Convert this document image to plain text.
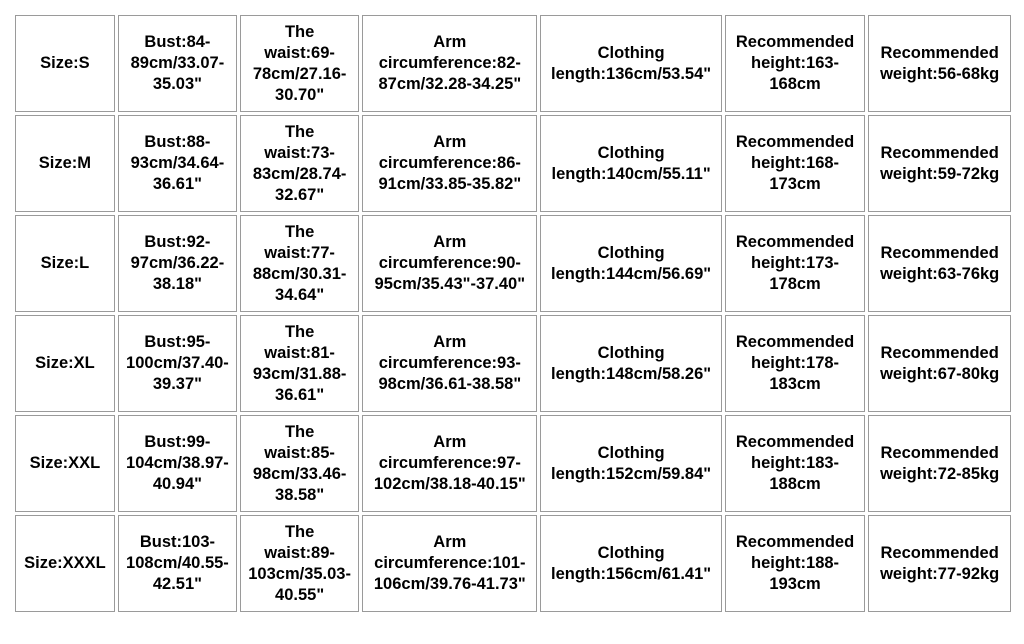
Size:S	Bust:84-
89cm/33.07-
35.03"	The
waist:69-
78cm/27.16-
30.70"	Arm
circumference:82-
87cm/32.28-34.25"	Clothing
length:136cm/53.54"	Recommended
height:163-
168cm	Recommended
weight:56-68kg
Size:M	Bust:88-
93cm/34.64-
36.61"	The
waist:73-
83cm/28.74-
32.67"	Arm
circumference:86-
91cm/33.85-35.82"	Clothing
length:140cm/55.11"	Recommended
height:168-
173cm	Recommended
weight:59-72kg
Size:L	Bust:92-
97cm/36.22-
38.18"	The
waist:77-
88cm/30.31-
34.64"	Arm
circumference:90-
95cm/35.43"-37.40"	Clothing
length:144cm/56.69"	Recommended
height:173-
178cm	Recommended
weight:63-76kg
Size:XL	Bust:95-
100cm/37.40-
39.37"	The
waist:81-
93cm/31.88-
36.61"	Arm
circumference:93-
98cm/36.61-38.58"	Clothing
length:148cm/58.26"	Recommended
height:178-
183cm	Recommended
weight:67-80kg
Size:XXL	Bust:99-
104cm/38.97-
40.94"	The
waist:85-
98cm/33.46-
38.58"	Arm
circumference:97-
102cm/38.18-40.15"	Clothing
length:152cm/59.84"	Recommended
height:183-
188cm	Recommended
weight:72-85kg
Size:XXXL	Bust:103-
108cm/40.55-
42.51"	The
waist:89-
103cm/35.03-
40.55"	Arm
circumference:101-
106cm/39.76-41.73"	Clothing
length:156cm/61.41"	Recommended
height:188-
193cm	Recommended
weight:77-92kg
